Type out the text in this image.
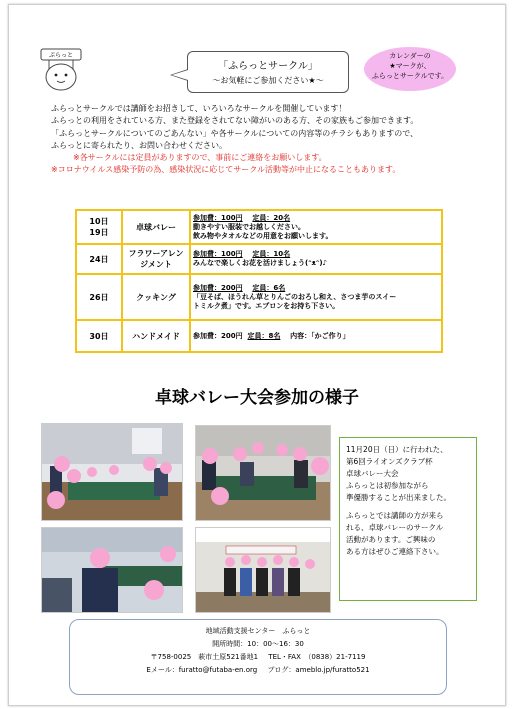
ぷらっと
「ふらっとサークル」
～お気軽にご参加ください★～
カレンダーの
★マークが、
ふらっとサークルです。

ふらっとサークルでは講師をお招きして、いろいろなサークルを開催しています！

ふらっとの利用をされている方、また登録をされてない障がいのある方、その家族もご参加できます。

「ふらっとサークルについてのごあんない」や各サークルについての内容等のチラシもありますので、

ふらっとに寄られたり、お問い合わせください。

※各サークルには定員がありますので、事前にご連絡をお願いします。

※コロナウイルス感染予防の為、感染状況に応じてサークル活動等が中止になることもあります。

10日
19日	卓球バレー	参加費：100円 定員：20名
動きやすい服装でお越しください。
飲み物やタオルなどの用意をお願いします。
24日	フラワーアレン
ジメント	参加費：100円 定員：10名
みんなで楽しくお花を活けましょう(ᵔᴥᵔ)♪
26日	クッキング	参加費：200円 定員：6名
「豆そば、ほうれん草とりんごのおろし和え、さつま芋のスイー
トミルク煮」です。エプロンをお持ち下さい。
30日	ハンドメイド	参加費：200円 定員：8名 内容：「かご作り」
卓球バレー大会参加の様子

11月20日（日）に行われた、

第6回ライオンズクラブ杯

卓球バレー大会

ふらっとは初参加ながら

準優勝することが出来ました。

ふらっとでは講師の方が来ら

れる、卓球バレーのサークル

活動があります。ご興味の

ある方はぜひご連絡下さい。

地域活動支援センター　ふらっと
開所時間：10：00～16：30
〒758-0025　萩市土原521番地1 TEL・FAX　（0838）21-7119
Eメール：furatto@futaba-en.org ブログ：ameblo.jp/furatto521
